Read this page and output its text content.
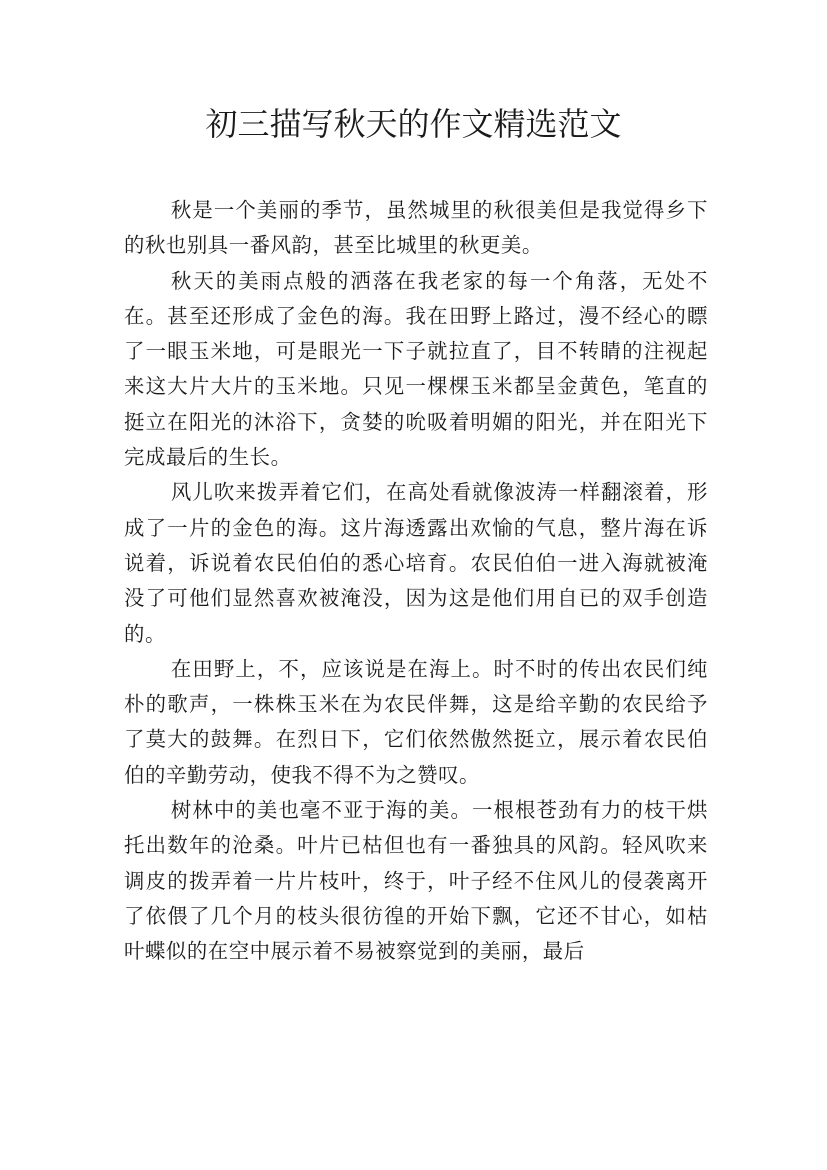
初三描写秋天的作文精选范文

秋是一个美丽的季节，虽然城里的秋很美但是我觉得乡下的秋也别具一番风韵，甚至比城里的秋更美。

秋天的美雨点般的洒落在我老家的每一个角落，无处不在。甚至还形成了金色的海。我在田野上路过，漫不经心的瞟了一眼玉米地，可是眼光一下子就拉直了，目不转睛的注视起来这大片大片的玉米地。只见一棵棵玉米都呈金黄色，笔直的挺立在阳光的沐浴下，贪婪的吮吸着明媚的阳光，并在阳光下完成最后的生长。

风儿吹来拨弄着它们，在高处看就像波涛一样翻滚着，形成了一片的金色的海。这片海透露出欢愉的气息，整片海在诉说着，诉说着农民伯伯的悉心培育。农民伯伯一进入海就被淹没了可他们显然喜欢被淹没，因为这是他们用自已的双手创造的。

在田野上，不，应该说是在海上。时不时的传出农民们纯朴的歌声，一株株玉米在为农民伴舞，这是给辛勤的农民给予了莫大的鼓舞。在烈日下，它们依然傲然挺立，展示着农民伯伯的辛勤劳动，使我不得不为之赞叹。

树林中的美也毫不亚于海的美。一根根苍劲有力的枝干烘托出数年的沧桑。叶片已枯但也有一番独具的风韵。轻风吹来调皮的拨弄着一片片枝叶，终于，叶子经不住风儿的侵袭离开了依偎了几个月的枝头很彷徨的开始下飘，它还不甘心，如枯叶蝶似的在空中展示着不易被察觉到的美丽，最后
